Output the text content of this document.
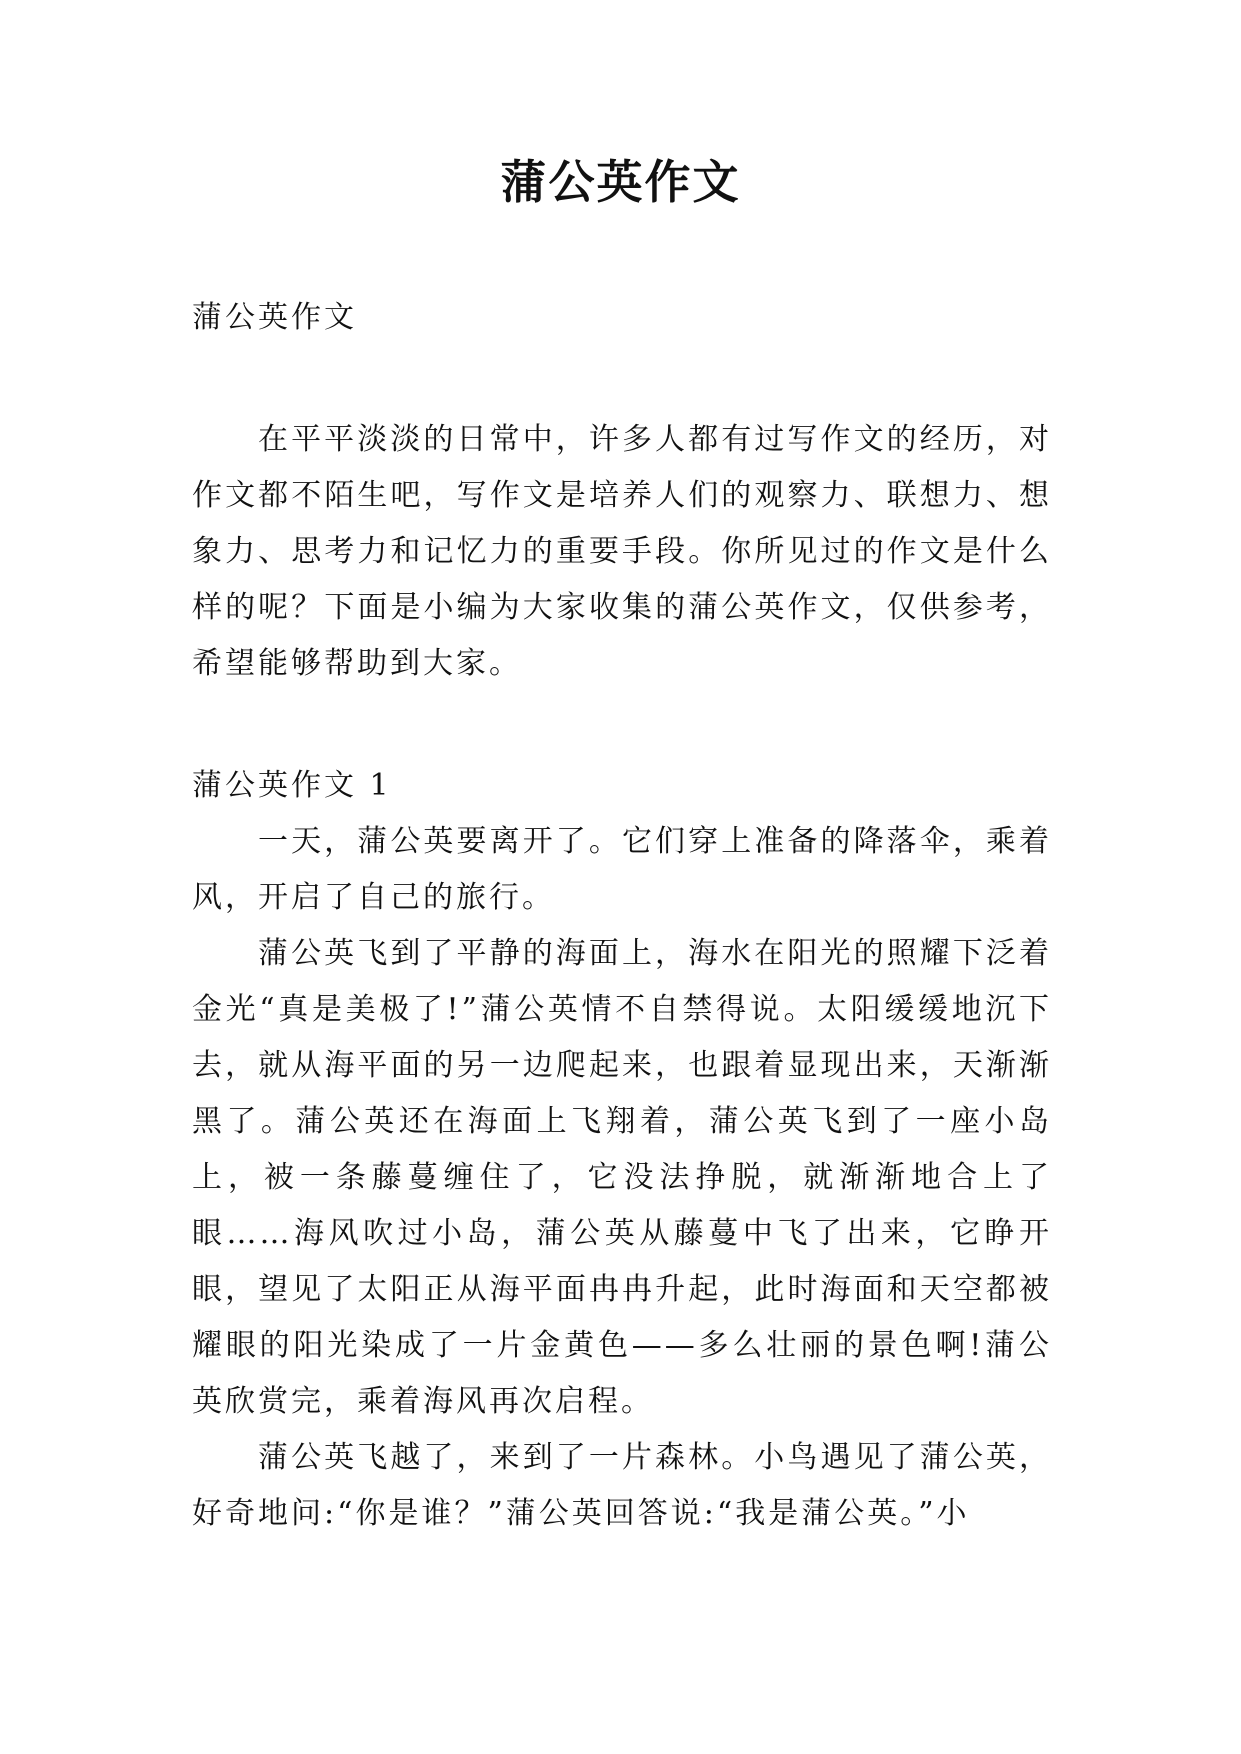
蒲公英作文
蒲公英作文

在平平淡淡的日常中，许多人都有过写作文的经历，对作文都不陌生吧，写作文是培养人们的观察力、联想力、想象力、思考力和记忆力的重要手段。你所见过的作文是什么样的呢？下面是小编为大家收集的蒲公英作文，仅供参考，希望能够帮助到大家。

蒲公英作文 1

一天，蒲公英要离开了。它们穿上准备的降落伞，乘着风，开启了自己的旅行。

蒲公英飞到了平静的海面上，海水在阳光的照耀下泛着金光“真是美极了!”蒲公英情不自禁得说。太阳缓缓地沉下去，就从海平面的另一边爬起来，也跟着显现出来，天渐渐黑了。蒲公英还在海面上飞翔着，蒲公英飞到了一座小岛上，被一条藤蔓缠住了，它没法挣脱，就渐渐地合上了眼……海风吹过小岛，蒲公英从藤蔓中飞了出来，它睁开眼，望见了太阳正从海平面冉冉升起，此时海面和天空都被耀眼的阳光染成了一片金黄色——多么壮丽的景色啊!蒲公英欣赏完，乘着海风再次启程。

蒲公英飞越了，来到了一片森林。小鸟遇见了蒲公英，好奇地问:“你是谁？”蒲公英回答说:“我是蒲公英。”小
